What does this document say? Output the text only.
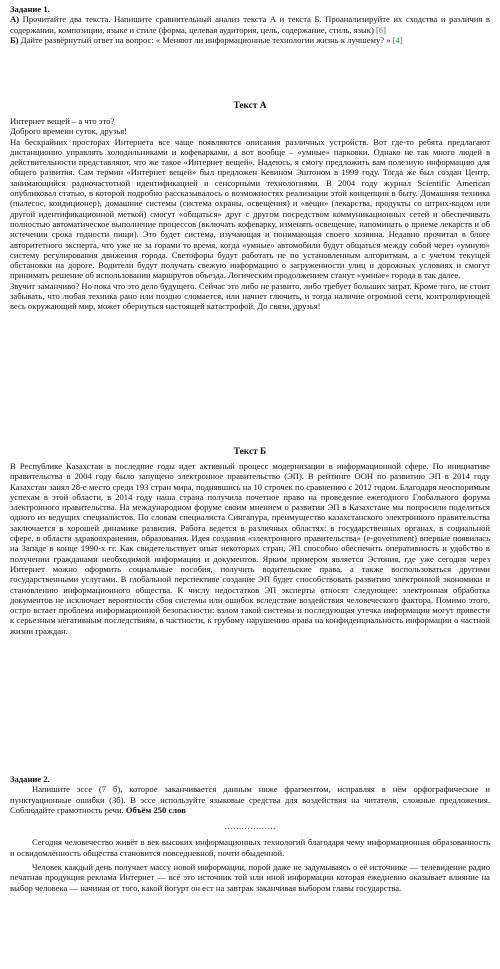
Задание 1.

А) Прочитайте два текста. Напишите сравнительный анализ текста А и текста Б. Проанализируйте их сходства и различия в содержании, композиции, языке и стиле (форма, целевая аудитория, цель, содержание, стиль, язык) [6]

Б) Дайте развёрнутый ответ на вопрос: « Меняют ли информационные технологии жизнь к лучшему? » [4]

Текст А

Интернет вещей – а что это?

Доброго времени суток, друзья!

На бескрайних просторах Интернета все чаще появляются описания различных устройств. Вот где-то ребята предлагают дистанционно управлять холодильниками и кофеварками, а вот вообще – «умные» парковки. Однако не так много людей в действительности представляют, что же такое «Интернет вещей». Надеюсь, я смогу предложить вам полезную информацию для общего развития. Сам термин «Интернет вещей» был предложен Кевином Эштоном в 1999 году. Тогда же был создан Центр, занимающийся радиочастотной идентификацией и сенсорными технологиями. В 2004 году журнал Scientific American опубликовал статью, в которой подробно рассказывалось о возможностях реализации этой концепции в быту. Домашняя техника (пылесос, кондиционер), домашние системы (система охраны, освещения) и «вещи» (лекарства, продукты со штрих-кодом или другой идентификационной меткой) смогут «общаться» друг с другом посредством коммуникационных сетей и обеспечивать полностью автоматическое выполнение процессов (включать кофеварку, изменять освещение, напоминать о приеме лекарств и об истечении срока годности пищи). Это будет система, изучающая и понимающая своего хозяина. Недавно прочитал в блоге авторитетного эксперта, что уже не за горами то время, когда «умные» автомобили будут общаться между собой через «умную» систему регулирования движения города. Светофоры будут работать не по установленным алгоритмам, а с учетом текущей обстановки на дороге. Водители будут получать свежую информацию о загруженности улиц и дорожных условиях и смогут принимать решение об использовании маршрутов объезда. Логическим продолжением станут «умные» города в так далее.

Звучит заманчиво? Но пока что это дело будущего. Сейчас это либо не развито, либо требует больших затрат. Кроме того, не стоит забывать, что любая техника рано или поздно сломается, или начнет глючить, и тогда наличие огромной сети, контролирующей весь окружающий мир, может обернуться настоящей катастрофой. До связи, друзья!

Текст Б

В Республике Казахстан в последние годы идет активный процесс модернизации в информационной сфере. По инициативе правительства в 2004 году было запущено электронное правительство (ЭП). В рейтинге ООН по развитию ЭП в 2014 году Казахстан занял 28-е место среди 193 стран мира, поднявшись на 10 строчек по сравнению с 2012 годом. Благодаря неоспоримым успехам в этой области, в 2014 году наша страна получила почетное право на проведение ежегодного Глобального форума электронного правительства. На международном форуме своим мнением о развитии ЭП в Казахстане мы попросили поделиться одного из ведущих специалистов. По словам специалиста Сингапура, преимущество казахстанского электронного правительства заключается в хорошей динамике развития. Работа ведется в различных областях: в государственных органах, в социальной сфере, в области здравоохранения, образования. Идея создания «электронного правительства» (e-government) впервые появилась на Западе в конце 1990-х гг. Как свидетельствует опыт некоторых стран, ЭП способно обеспечить оперативность и удобство в получении гражданами необходимой информации и документов. Ярким примером является Эстония, где уже сегодня через Интернет можно оформить социальные пособия, получить водительские права, а также воспользоваться другими государственными услугами. В глобальной перспективе создание ЭП будет способствовать развитию электронной экономики и становлению информационного общества. К числу недостатков ЭП эксперты относят следующее: электронная обработка документов не исключает вероятности сбоя системы или ошибок вследствие воздействия человеческого фактора. Помимо этого, остро встает проблема информационной безопасности: взлом такой системы и последующая утечка информации могут привести к серьезным негативным последствиям, в частности, к грубому нарушению права на конфиденциальность информации о частной жизни граждан.

Задание 2.

Напишите эссе (7 б), которое заканчивается данным ниже фрагментом, исправляя в нём орфографические и пунктуационные ошибки (3б). В эссе используйте языковые средства для воздействия на читателя, сложные предложения. Соблюдайте грамотность речи. Объём 250 слов

………………

Сегодня человечество живёт в век высоких информационных технологий благодаря чему информационная образованность и освидомлённость общества становится повседневной, почти обыденной.

Человек каждый день получает массу новой информации, порой даже не задумываясь о её источнике — телевидение радио печатная продукция реклама Интернет — всё это источник той или иной информации которая ежедневно оказывает влияние на выбор человека — начиная от того, какой йогурт он ест на завтрак заканчивая выбором главы государства.
